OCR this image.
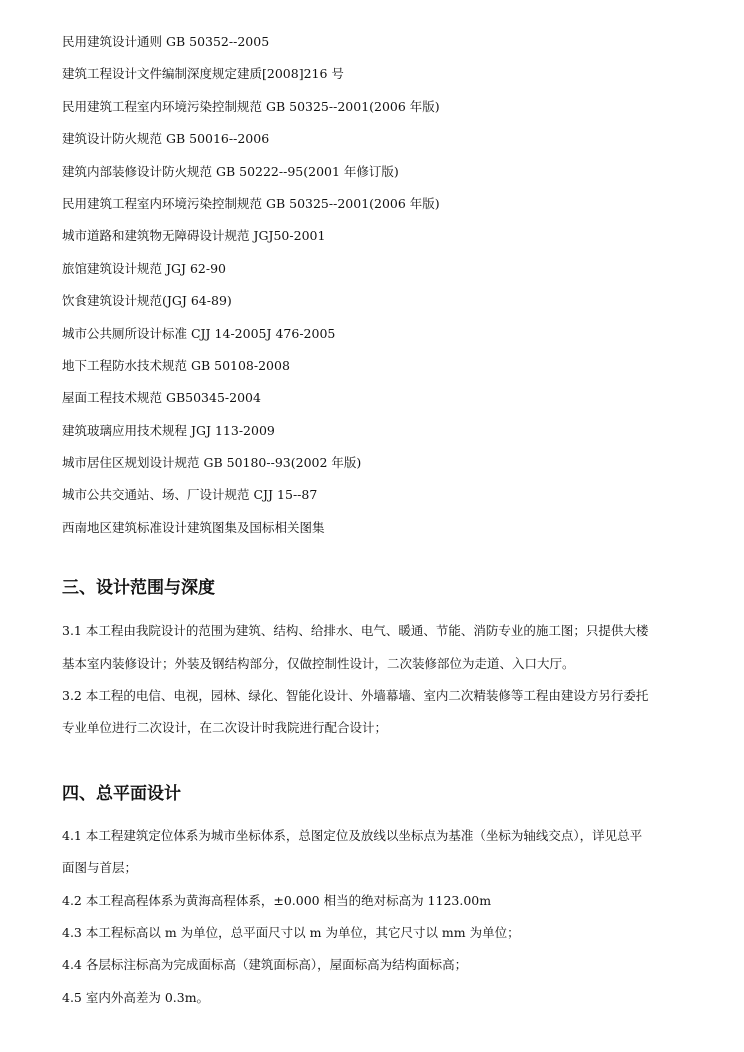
民用建筑设计通则 GB 50352--2005
建筑工程设计文件编制深度规定建质[2008]216 号
民用建筑工程室内环境污染控制规范 GB 50325--2001(2006 年版)
建筑设计防火规范 GB 50016--2006
建筑内部装修设计防火规范 GB 50222--95(2001 年修订版)
民用建筑工程室内环境污染控制规范 GB 50325--2001(2006 年版)
城市道路和建筑物无障碍设计规范 JGJ50-2001
旅馆建筑设计规范 JGJ 62-90
饮食建筑设计规范(JGJ 64-89)
城市公共厕所设计标准 CJJ 14-2005J 476-2005
地下工程防水技术规范 GB 50108-2008
屋面工程技术规范 GB50345-2004
建筑玻璃应用技术规程 JGJ 113-2009
城市居住区规划设计规范 GB 50180--93(2002 年版)
城市公共交通站、场、厂设计规范 CJJ 15--87
西南地区建筑标准设计建筑图集及国标相关图集
三、设计范围与深度
3.1 本工程由我院设计的范围为建筑、结构、给排水、电气、暖通、节能、消防专业的施工图；只提供大楼
基本室内装修设计；外装及钢结构部分，仅做控制性设计，二次装修部位为走道、入口大厅。
3.2 本工程的电信、电视，园林、绿化、智能化设计、外墙幕墙、室内二次精装修等工程由建设方另行委托
专业单位进行二次设计，在二次设计时我院进行配合设计；
四、总平面设计
4.1 本工程建筑定位体系为城市坐标体系，总图定位及放线以坐标点为基准（坐标为轴线交点），详见总平
面图与首层；
4.2 本工程高程体系为黄海高程体系，±0.000 相当的绝对标高为 1123.00m
4.3 本工程标高以 m 为单位，总平面尺寸以 m 为单位，其它尺寸以 mm 为单位；
4.4 各层标注标高为完成面标高（建筑面标高），屋面标高为结构面标高；
4.5 室内外高差为 0.3m。
